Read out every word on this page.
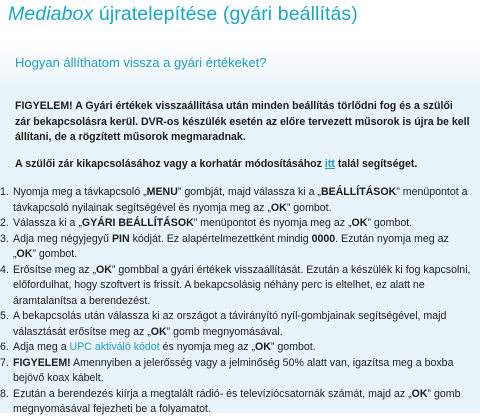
Mediabox újratelepítése (gyári beállítás)
Hogyan állíthatom vissza a gyári értékeket?
FIGYELEM! A Gyári értékek visszaállítása után minden beállítás törlődni fog és a szülői zár bekapcsolásra kerül. DVR-os készülék esetén az előre tervezett műsorok is újra be kell állítani, de a rögzített műsorok megmaradnak.
A szülői zár kikapcsolásához vagy a korhatár módosításához itt talál segítséget.
1. Nyomja meg a távkapcsoló „MENU” gombját, majd válassza ki a „BEÁLLÍTÁSOK” menüpontot a távkapcsoló nyilainak segítségével és nyomja meg az „OK” gombot.
2. Válassza ki a „GYÁRI BEÁLLÍTÁSOK” menüpontot és nyomja meg az „OK” gombot.
3. Adja meg négyjegyű PIN kódját. Ez alapértelmezettként mindig 0000. Ezután nyomja meg az „OK” gombot.
4. Erősítse meg az „OK” gombbal a gyári értékek visszaállítását. Ezután a készülék ki fog kapcsolni, előfordulhat, hogy szoftvert is frissít. A bekapcsolásig néhány perc is eltelhet, ez alatt ne áramtalanítsa a berendezést.
5. A bekapcsolás után válassza ki az országot a távirányító nyíl-gombjainak segítségével, majd választását erősítse meg az „OK” gomb megnyomásával.
6. Adja meg a UPC aktiváló kódot és nyomja meg az „OK” gombot.
7. FIGYELEM! Amennyiben a jelerősség vagy a jelminőség 50% alatt van, igazítsa meg a boxba bejövő koax kábelt.
8. Ezután a berendezés kiírja a megtalált rádió- és televíziócsatornák számát, majd az „OK” gomb megnyomásával fejezheti be a folyamatot.
